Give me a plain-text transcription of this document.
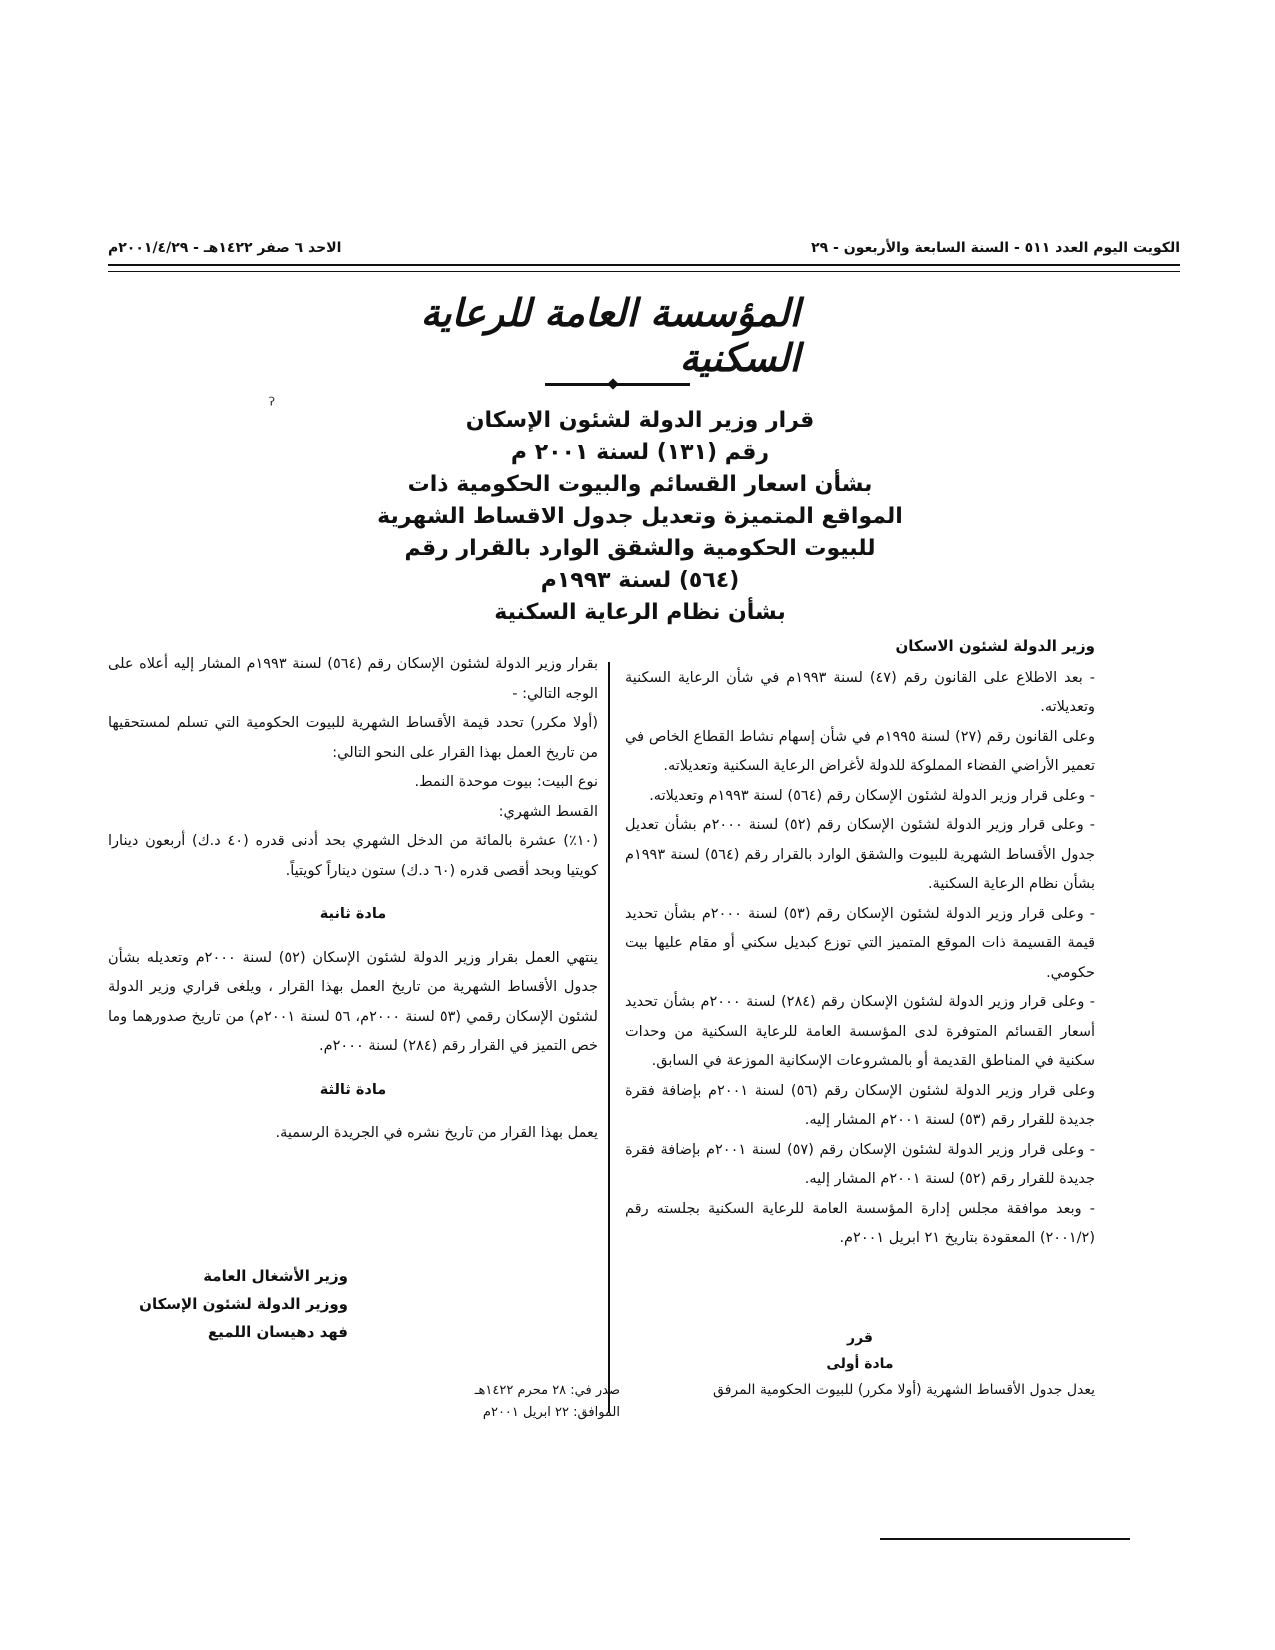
الكويت اليوم العدد ٥١١ - السنة السابعة والأربعون - ٢٩
الاحد ٦ صفر ١٤٢٢هـ - ٢٠٠١/٤/٢٩م
المؤسسة العامة للرعاية السكنية
ˀ
قرار وزير الدولة لشئون الإسكان
رقم (١٣١) لسنة ٢٠٠١ م
بشأن اسعار القسائم والبيوت الحكومية ذات
المواقع المتميزة وتعديل جدول الاقساط الشهرية
للبيوت الحكومية والشقق الوارد بالقرار رقم
(٥٦٤) لسنة ١٩٩٣م
بشأن نظام الرعاية السكنية

وزير الدولة لشئون الاسكان

- بعد الاطلاع على القانون رقم (٤٧) لسنة ١٩٩٣م في شأن الرعاية السكنية وتعديلاته.

وعلى القانون رقم (٢٧) لسنة ١٩٩٥م في شأن إسهام نشاط القطاع الخاص في تعمير الأراضي الفضاء المملوكة للدولة لأغراض الرعاية السكنية وتعديلاته.

- وعلى قرار وزير الدولة لشئون الإسكان رقم (٥٦٤) لسنة ١٩٩٣م وتعديلاته.

- وعلى قرار وزير الدولة لشئون الإسكان رقم (٥٢) لسنة ٢٠٠٠م بشأن تعديل جدول الأقساط الشهرية للبيوت والشقق الوارد بالقرار رقم (٥٦٤) لسنة ١٩٩٣م بشأن نظام الرعاية السكنية.

- وعلى قرار وزير الدولة لشئون الإسكان رقم (٥٣) لسنة ٢٠٠٠م بشأن تحديد قيمة القسيمة ذات الموقع المتميز التي توزع كبديل سكني أو مقام عليها بيت حكومي.

- وعلى قرار وزير الدولة لشئون الإسكان رقم (٢٨٤) لسنة ٢٠٠٠م بشأن تحديد أسعار القسائم المتوفرة لدى المؤسسة العامة للرعاية السكنية من وحدات سكنية في المناطق القديمة أو بالمشروعات الإسكانية الموزعة في السابق.

وعلى قرار وزير الدولة لشئون الإسكان رقم (٥٦) لسنة ٢٠٠١م بإضافة فقرة جديدة للقرار رقم (٥٣) لسنة ٢٠٠١م المشار إليه.

- وعلى قرار وزير الدولة لشئون الإسكان رقم (٥٧) لسنة ٢٠٠١م بإضافة فقرة جديدة للقرار رقم (٥٢) لسنة ٢٠٠١م المشار إليه.

- وبعد موافقة مجلس إدارة المؤسسة العامة للرعاية السكنية بجلسته رقم (٢٠٠١/٢) المعقودة بتاريخ ٢١ ابريل ٢٠٠١م.

قرر
مادة أولى
يعدل جدول الأقساط الشهرية (أولا مكرر) للبيوت الحكومية المرفق

بقرار وزير الدولة لشئون الإسكان رقم (٥٦٤) لسنة ١٩٩٣م المشار إليه أعلاه على الوجه التالي: -

(أولا مكرر) تحدد قيمة الأقساط الشهرية للبيوت الحكومية التي تسلم لمستحقيها من تاريخ العمل بهذا القرار على النحو التالي:

نوع البيت: بيوت موحدة النمط.

القسط الشهري:

(١٠٪) عشرة بالمائة من الدخل الشهري بحد أدنى قدره (٤٠ د.ك) أربعون دينارا كويتيا وبحد أقصى قدره (٦٠ د.ك) ستون ديناراً كويتياً.

مادة ثانية

ينتهي العمل بقرار وزير الدولة لشئون الإسكان (٥٢) لسنة ٢٠٠٠م وتعديله بشأن جدول الأقساط الشهرية من تاريخ العمل بهذا القرار ، ويلغى قراري وزير الدولة لشئون الإسكان رقمي (٥٣ لسنة ٢٠٠٠م، ٥٦ لسنة ٢٠٠١م) من تاريخ صدورهما وما خص التميز في القرار رقم (٢٨٤) لسنة ٢٠٠٠م.

مادة ثالثة

يعمل بهذا القرار من تاريخ نشره في الجريدة الرسمية.

وزير الأشغال العامة
ووزير الدولة لشئون الإسكان
فهد دهيسان اللميع
صدر في: ٢٨ محرم ١٤٢٢هـ
الموافق: ٢٢ ابريل ٢٠٠١م
